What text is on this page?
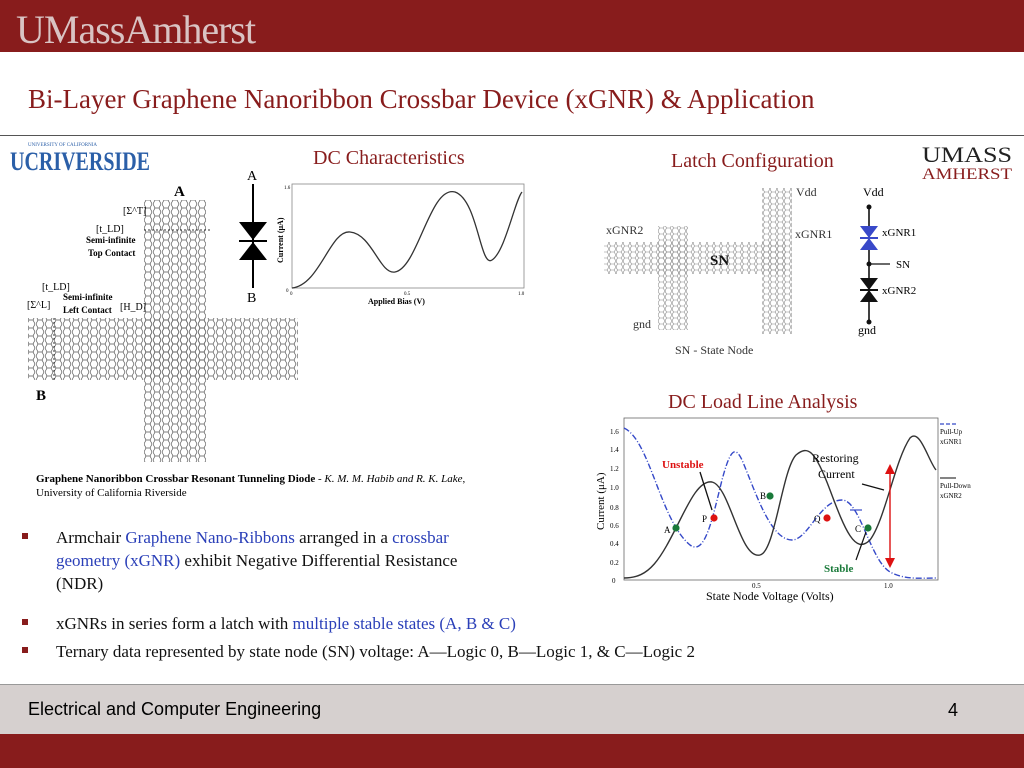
UMassAmherst
Bi-Layer Graphene Nanoribbon Crossbar Device (xGNR) & Application
UNIVERSITY OF CALIFORNIA
UCRIVERSIDE	UMASS
AMHERST
A
B
[Σ^T]
[t_LD]
Semi-infinite
Top Contact
[t_LD]
[Σ^L]	[H_D]
Semi-infinite
Left Contact
A
B
DC Characteristics
1.6
0
0	0.5	1.0
Applied Bias (V)
Current (μA)
Latch Configuration
Vdd
xGNR2	xGNR1
SN
gnd
SN - State Node
Vdd
xGNR1
SN
xGNR2
gnd
DC Load Line Analysis
0
0.2
0.4
0.6
0.8
1.0
1.2
1.4
1.6
0.5	1.0
State Node Voltage (Volts)
Current (μA)
Pull-Up
xGNR1
Pull-Down
xGNR2
Unstable	Restoring
Current
Stable
A
P
B
Q
C
Graphene Nanoribbon Crossbar Resonant Tunneling Diode - K. M. M. Habib and R. K. Lake, University of California Riverside
Armchair Graphene Nano-Ribbons arranged in a crossbar
geometry (xGNR) exhibit Negative Differential Resistance
(NDR)
xGNRs in series form a latch with multiple stable states (A, B & C)
Ternary data represented by state node (SN) voltage: A—Logic 0, B—Logic 1, & C—Logic 2
Electrical and Computer Engineering	4
